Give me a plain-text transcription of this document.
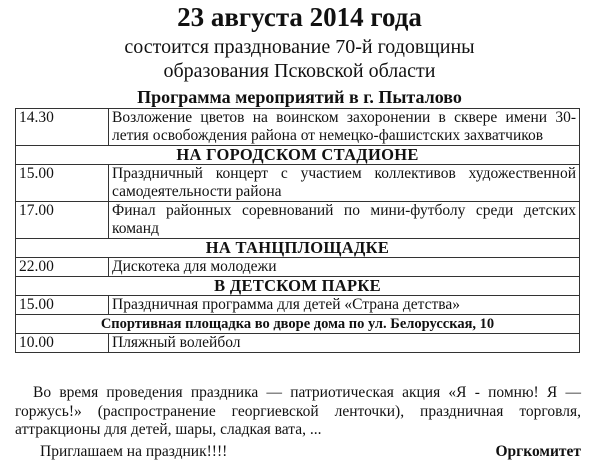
23 августа 2014 года
состоится празднование 70-й годовщины
образования Псковской области
Программа мероприятий в г. Пыталово
14.30	Возложение цветов на воинском захоронении в сквере имени 30-летия освобождения района от немецко-фашистских захватчиков
НА ГОРОДСКОМ СТАДИОНЕ	
15.00	Праздничный концерт с участием коллективов художественной самодеятельности района
17.00	Финал районных соревнований по мини-футболу среди детских команд
НА ТАНЦПЛОЩАДКЕ	
22.00	Дискотека для молодежи
В ДЕТСКОМ ПАРКЕ	
15.00	Праздничная программа для детей «Страна детства»
Спортивная площадка во дворе дома по ул. Белорусская, 10	
10.00	Пляжный волейбол

Во время проведения праздника — патриотическая акция «Я - помню! Я — горжусь!» (распространение георгиевской ленточки), праздничная торговля, аттракционы для детей, шары, сладкая вата, ...

Приглашаем на праздник!!!!	Оргкомитет
